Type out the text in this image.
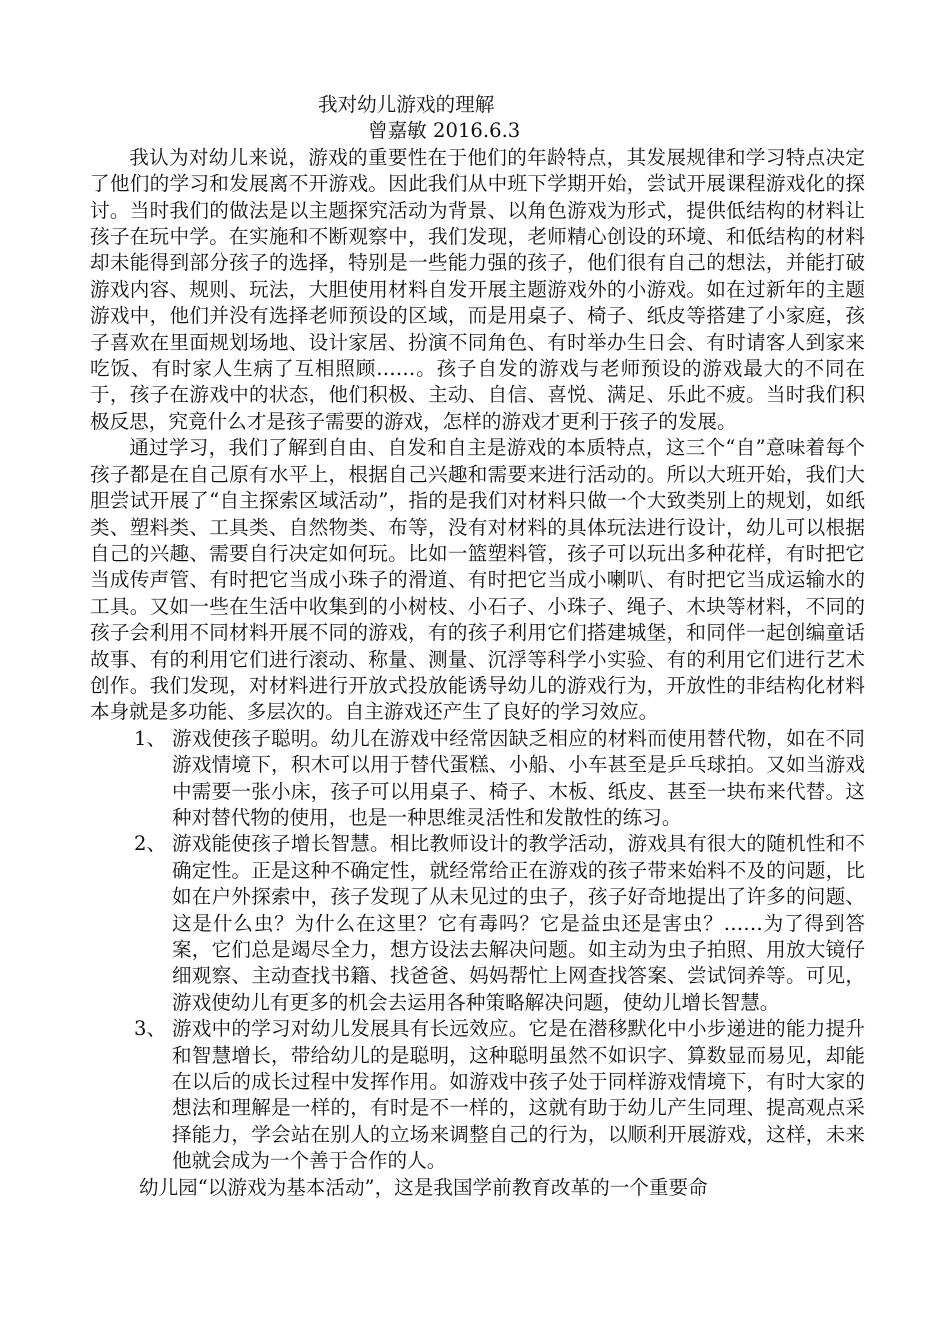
我对幼儿游戏的理解

曾嘉敏 2016.6.3

我认为对幼儿来说，游戏的重要性在于他们的年龄特点，其发展规律和学习特点决定了他们的学习和发展离不开游戏。因此我们从中班下学期开始，尝试开展课程游戏化的探讨。当时我们的做法是以主题探究活动为背景、以角色游戏为形式，提供低结构的材料让孩子在玩中学。在实施和不断观察中，我们发现，老师精心创设的环境、和低结构的材料却未能得到部分孩子的选择，特别是一些能力强的孩子，他们很有自己的想法，并能打破游戏内容、规则、玩法，大胆使用材料自发开展主题游戏外的小游戏。如在过新年的主题游戏中，他们并没有选择老师预设的区域，而是用桌子、椅子、纸皮等搭建了小家庭，孩子喜欢在里面规划场地、设计家居、扮演不同角色、有时举办生日会、有时请客人到家来吃饭、有时家人生病了互相照顾……。孩子自发的游戏与老师预设的游戏最大的不同在于，孩子在游戏中的状态，他们积极、主动、自信、喜悦、满足、乐此不疲。当时我们积极反思，究竟什么才是孩子需要的游戏，怎样的游戏才更利于孩子的发展。

通过学习，我们了解到自由、自发和自主是游戏的本质特点，这三个“自”意味着每个孩子都是在自己原有水平上，根据自己兴趣和需要来进行活动的。所以大班开始，我们大胆尝试开展了“自主探索区域活动”，指的是我们对材料只做一个大致类别上的规划，如纸类、塑料类、工具类、自然物类、布等，没有对材料的具体玩法进行设计，幼儿可以根据自己的兴趣、需要自行决定如何玩。比如一篮塑料管，孩子可以玩出多种花样，有时把它当成传声管、有时把它当成小珠子的滑道、有时把它当成小喇叭、有时把它当成运输水的工具。又如一些在生活中收集到的小树枝、小石子、小珠子、绳子、木块等材料，不同的孩子会利用不同材料开展不同的游戏，有的孩子利用它们搭建城堡，和同伴一起创编童话故事、有的利用它们进行滚动、称量、测量、沉浮等科学小实验、有的利用它们进行艺术创作。我们发现，对材料进行开放式投放能诱导幼儿的游戏行为，开放性的非结构化材料本身就是多功能、多层次的。自主游戏还产生了良好的学习效应。

1、 游戏使孩子聪明。幼儿在游戏中经常因缺乏相应的材料而使用替代物，如在不同游戏情境下，积木可以用于替代蛋糕、小船、小车甚至是乒乓球拍。又如当游戏中需要一张小床，孩子可以用桌子、椅子、木板、纸皮、甚至一块布来代替。这种对替代物的使用，也是一种思维灵活性和发散性的练习。
2、 游戏能使孩子增长智慧。相比教师设计的教学活动，游戏具有很大的随机性和不确定性。正是这种不确定性，就经常给正在游戏的孩子带来始料不及的问题，比如在户外探索中，孩子发现了从未见过的虫子，孩子好奇地提出了许多的问题、这是什么虫？为什么在这里？它有毒吗？它是益虫还是害虫？……为了得到答案，它们总是竭尽全力，想方设法去解决问题。如主动为虫子拍照、用放大镜仔细观察、主动查找书籍、找爸爸、妈妈帮忙上网查找答案、尝试饲养等。可见，游戏使幼儿有更多的机会去运用各种策略解决问题，使幼儿增长智慧。
3、 游戏中的学习对幼儿发展具有长远效应。它是在潜移默化中小步递进的能力提升和智慧增长，带给幼儿的是聪明，这种聪明虽然不如识字、算数显而易见，却能在以后的成长过程中发挥作用。如游戏中孩子处于同样游戏情境下，有时大家的想法和理解是一样的，有时是不一样的，这就有助于幼儿产生同理、提高观点采择能力，学会站在别人的立场来调整自己的行为，以顺利开展游戏，这样，未来他就会成为一个善于合作的人。

幼儿园“以游戏为基本活动”，这是我国学前教育改革的一个重要命
